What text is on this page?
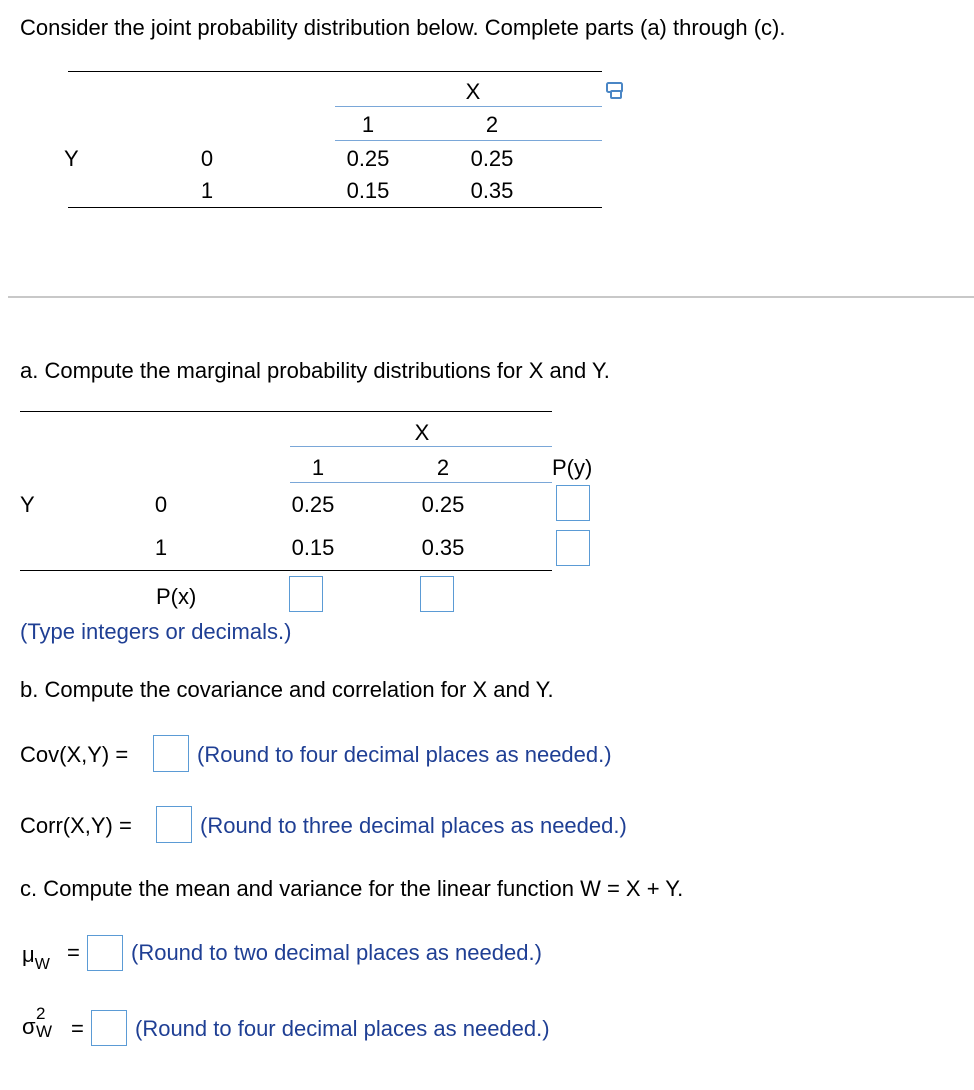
Consider the joint probability distribution below. Complete parts (a) through (c).
X
1	2
Y	0	0.25	0.25
1	0.15	0.35
a. Compute the marginal probability distributions for X and Y.
X
1	2	P(y)
Y	0	0.25	0.25
1	0.15	0.35
P(x)
(Type integers or decimals.)
b. Compute the covariance and correlation for X and Y.
Cov(X,Y) =	(Round to four decimal places as needed.)
Corr(X,Y) =	(Round to three decimal places as needed.)
c. Compute the mean and variance for the linear function W = X + Y.
$\mu_W$ = (Round to two decimal places as needed.)
σ
2
W = (Round to four decimal places as needed.)
